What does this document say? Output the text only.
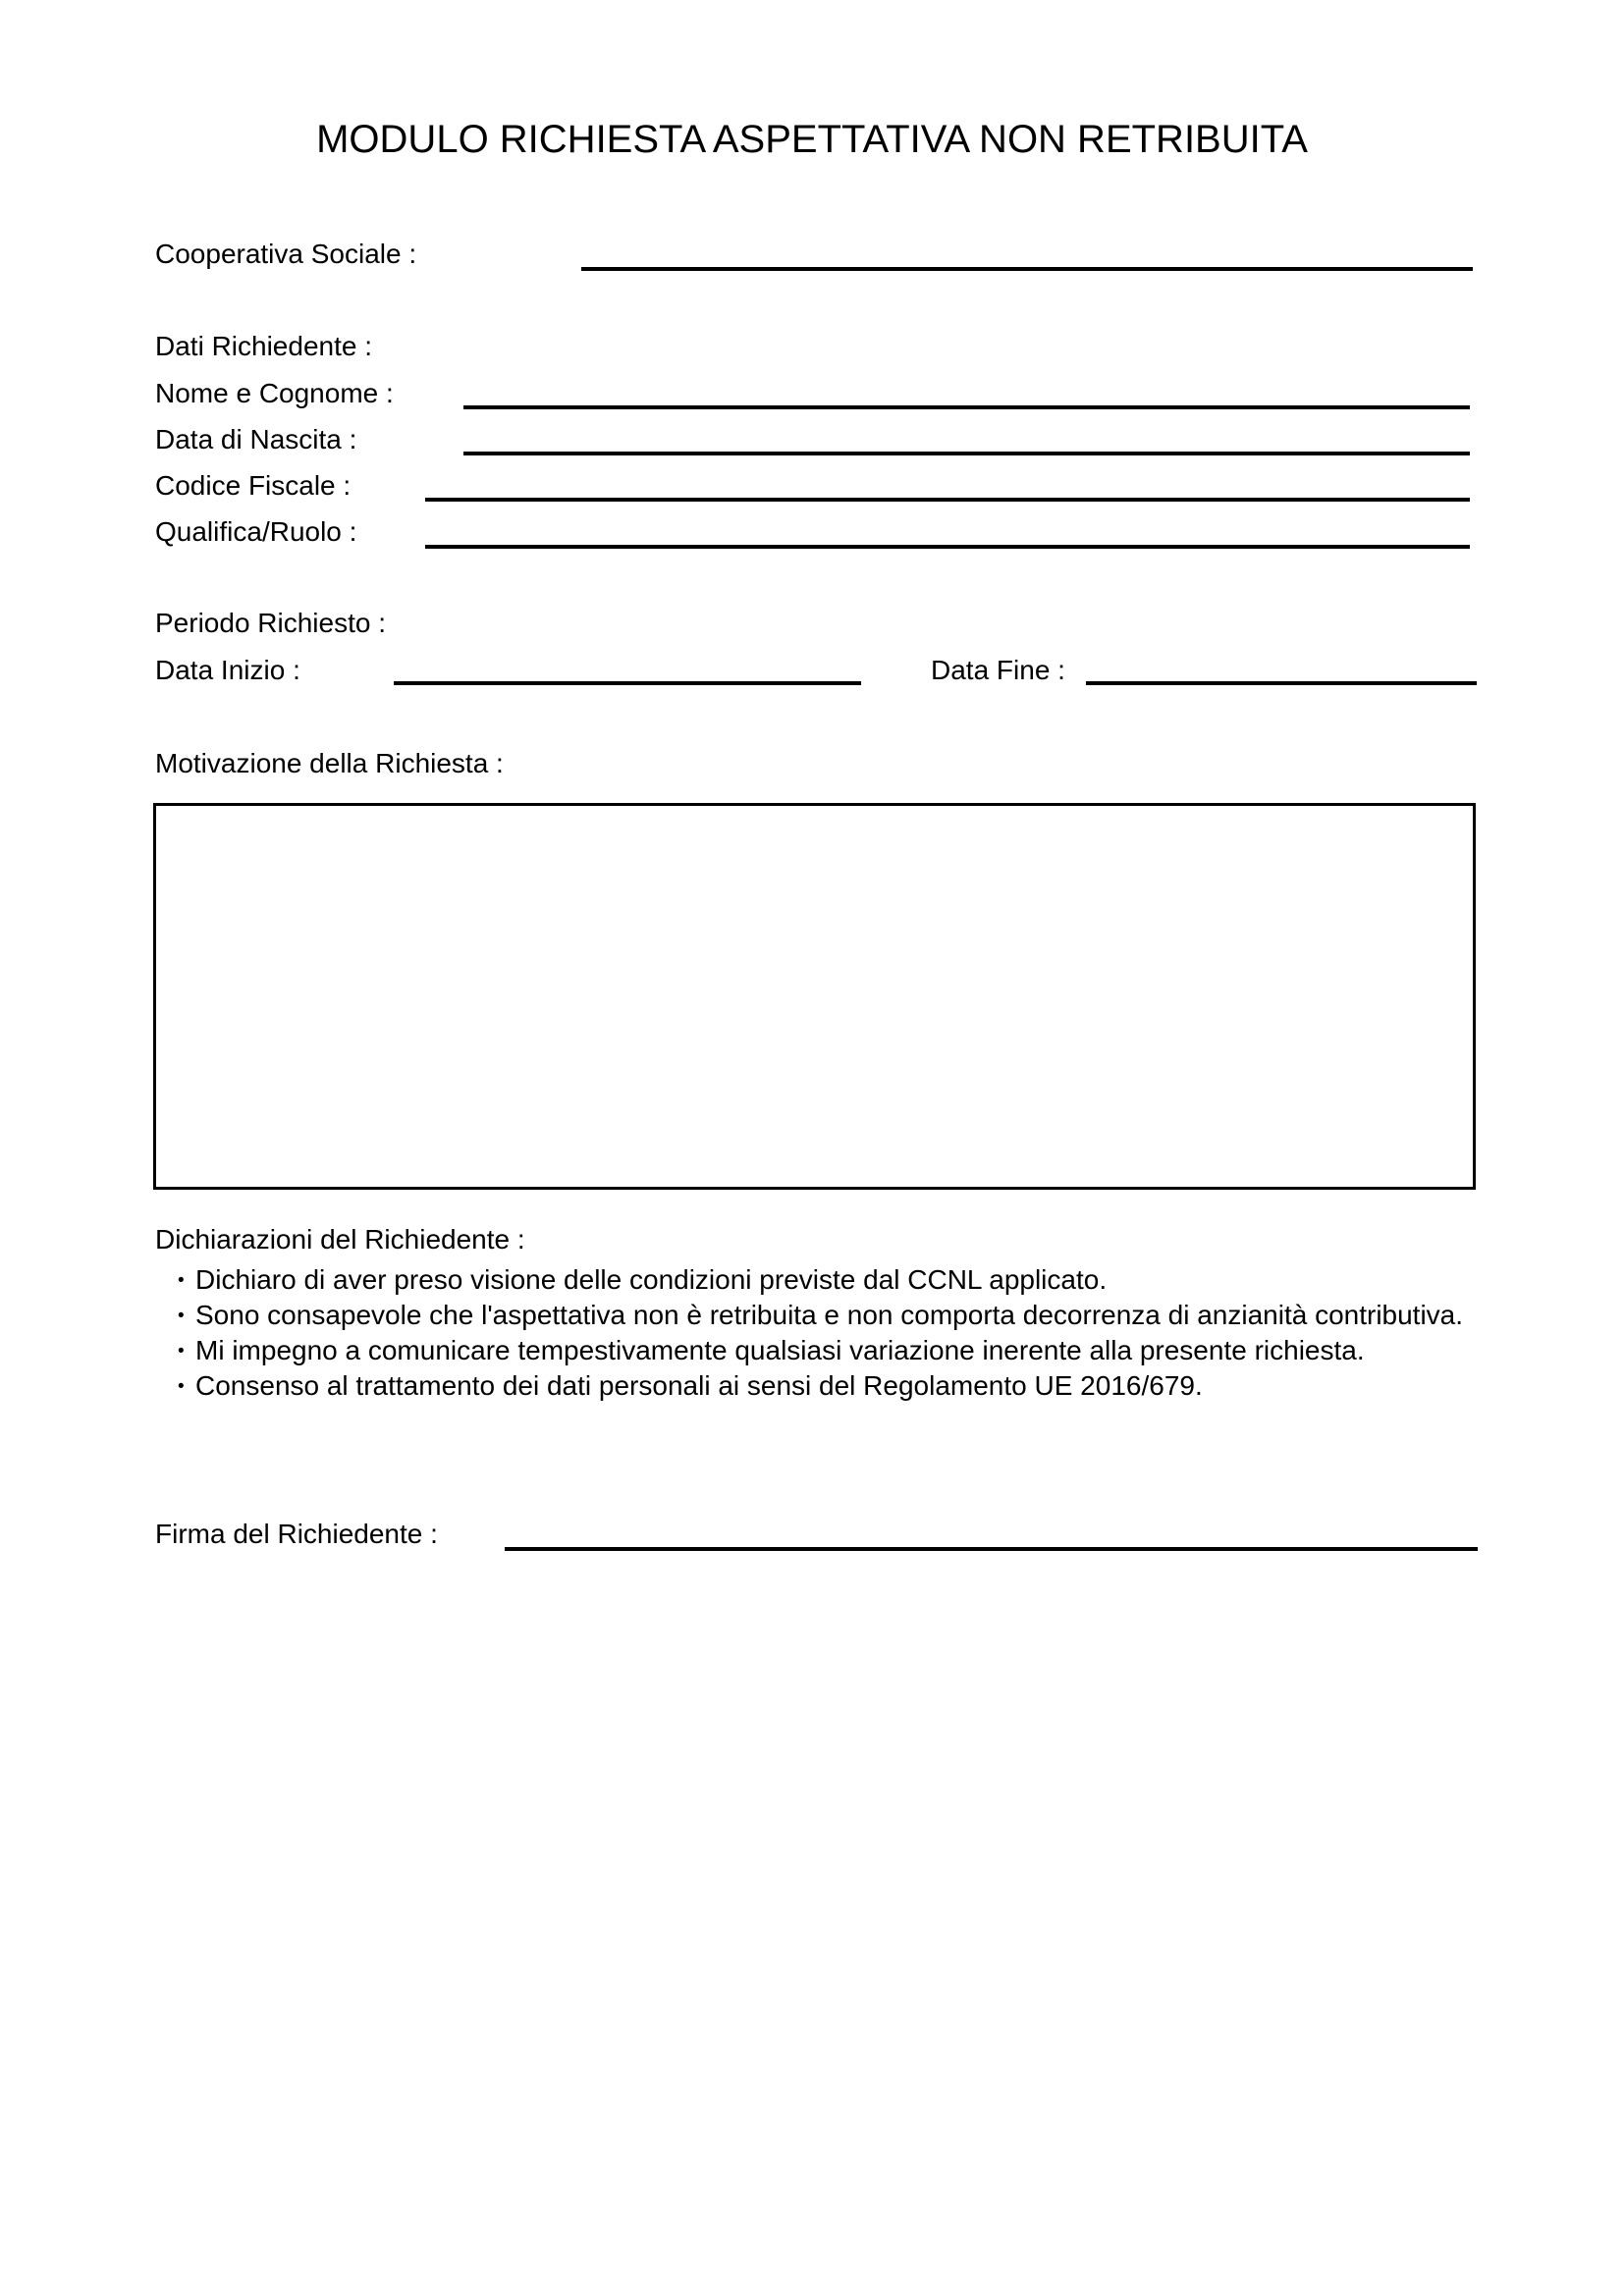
MODULO RICHIESTA ASPETTATIVA NON RETRIBUITA
Cooperativa Sociale :
Dati Richiedente :
Nome e Cognome :
Data di Nascita :
Codice Fiscale :
Qualifica/Ruolo :
Periodo Richiesto :
Data Inizio :	Data Fine :
Motivazione della Richiesta :
Dichiarazioni del Richiedente :
• Dichiaro di aver preso visione delle condizioni previste dal CCNL applicato.
• Sono consapevole che l'aspettativa non è retribuita e non comporta decorrenza di anzianità contributiva.
• Mi impegno a comunicare tempestivamente qualsiasi variazione inerente alla presente richiesta.
• Consenso al trattamento dei dati personali ai sensi del Regolamento UE 2016/679.
Firma del Richiedente :
